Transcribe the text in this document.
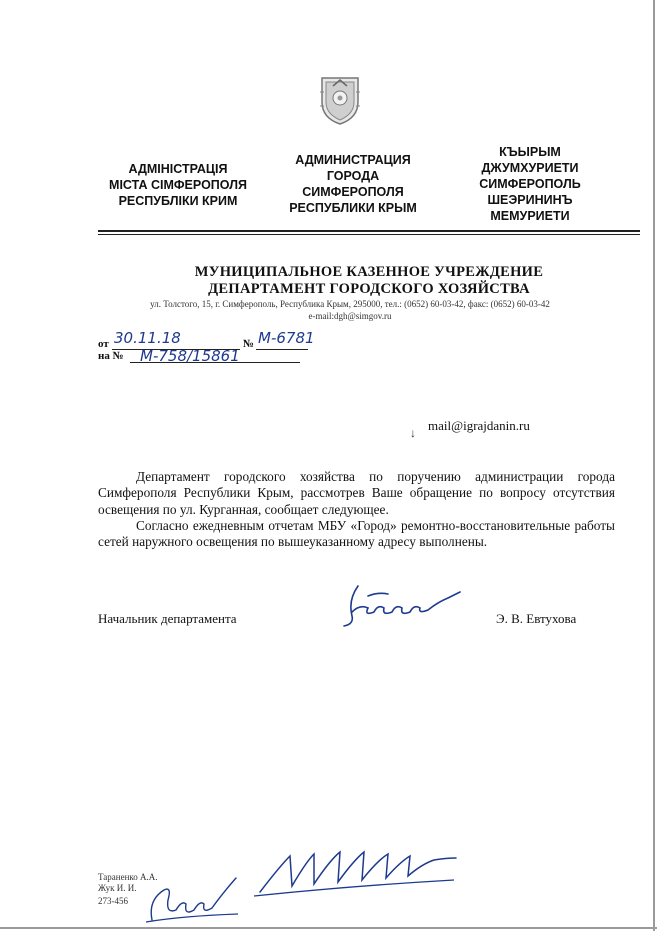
АДМІНІСТРАЦІЯ
МІСТА СІМФЕРОПОЛЯ
РЕСПУБЛІКИ КРИМ
АДМИНИСТРАЦИЯ
ГОРОДА
СИМФЕРОПОЛЯ
РЕСПУБЛИКИ КРЫМ
КЪЫРЫМ
ДЖУМХУРИЕТИ
СИМФЕРОПОЛЬ
ШЕЭРИНИНЪ
МЕМУРИЕТИ
МУНИЦИПАЛЬНОЕ КАЗЕННОЕ УЧРЕЖДЕНИЕ
ДЕПАРТАМЕНТ ГОРОДСКОГО ХОЗЯЙСТВА
ул. Толстого, 15, г. Симферополь, Республика Крым, 295000, тел.: (0652) 60-03-42, факс: (0652) 60-03-42
e-mail:dgh@simgov.ru
от 30.11.18	№ М-6781
на № М-758/15861
↓ mail@igrajdanin.ru
Департамент городского хозяйства по поручению администрации города Симферополя Республики Крым, рассмотрев Ваше обращение по вопросу отсутствия освещения по ул. Курганная, сообщает следующее.
Согласно ежедневным отчетам МБУ «Город» ремонтно-восстановительные работы сетей наружного освещения по вышеуказанному адресу выполнены.
Начальник департамента	Э. В. Евтухова
Тараненко А.А.
Жук И. И.
273-456
